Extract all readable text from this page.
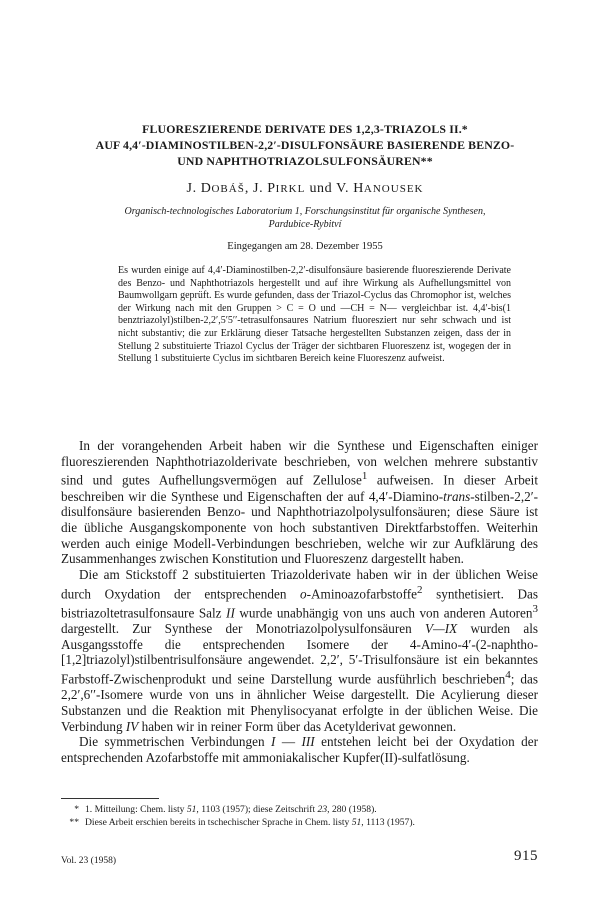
FLUORESZIERENDE DERIVATE DES 1,2,3-TRIAZOLS II.*
AUF 4,4′-DIAMINOSTILBEN-2,2′-DISULFONSÄURE BASIERENDE BENZO-
UND NAPHTHOTRIAZOLSULFONSÄUREN**
J. DOBÁŠ, J. PIRKL und V. HANOUSEK
Organisch-technologisches Laboratorium 1, Forschungsinstitut für organische Synthesen,
Pardubice-Rybitví
Eingegangen am 28. Dezember 1955

Es wurden einige auf 4,4′-Diaminostilben-2,2′-disulfonsäure basierende fluoreszierende Derivate des Benzo- und Naphthotriazols hergestellt und auf ihre Wirkung als Aufhellungsmittel von Baumwollgarn geprüft. Es wurde gefunden, dass der Triazol-Cyclus das Chromophor ist, welches der Wirkung nach mit den Gruppen > C = O und —CH = N— vergleichbar ist. 4,4′-bis(1 benztriazolyl)stilben-2,2′,5′5′′-tetrasulfonsaures Natrium fluoresziert nur sehr schwach und ist nicht substantiv; die zur Erklärung dieser Tatsache hergestellten Substanzen zeigen, dass der in Stellung 2 substituierte Triazol Cyclus der Träger der sichtbaren Fluoreszenz ist, wogegen der in Stellung 1 substituierte Cyclus im sichtbaren Bereich keine Fluoreszenz aufweist.

In der vorangehenden Arbeit haben wir die Synthese und Eigenschaften einiger fluoreszierenden Naphthotriazolderivate beschrieben, von welchen mehrere substantiv sind und gutes Aufhellungsvermögen auf Zellulose$^1$ aufweisen. In dieser Arbeit beschreiben wir die Synthese und Eigenschaften der auf 4,4′-Diamino-trans-stilben-2,2′-disulfonsäure basierenden Benzo- und Naphthotriazolpolysulfonsäuren; diese Säure ist die übliche Ausgangskomponente von hoch substantiven Direktfarbstoffen. Weiterhin werden auch einige Modell-Verbindungen beschrieben, welche wir zur Aufklärung des Zusammenhanges zwischen Konstitution und Fluoreszenz dargestellt haben.

Die am Stickstoff 2 substituierten Triazolderivate haben wir in der üblichen Weise durch Oxydation der entsprechenden o-Aminoazofarbstoffe$^2$ synthetisiert. Das bistriazoltetrasulfonsaure Salz II wurde unabhängig von uns auch von anderen Autoren$^3$ dargestellt. Zur Synthese der Monotriazolpolysulfonsäuren V—IX wurden als Ausgangsstoffe die entsprechenden Isomere der 4-Amino-4′-(2-naphtho-[1,2]triazolyl)stilbentrisulfonsäure angewendet. 2,2′, 5′-Trisulfonsäure ist ein bekanntes Farbstoff-Zwischenprodukt und seine Darstellung wurde ausführlich beschrieben$^4$; das 2,2′,6′′-Isomere wurde von uns in ähnlicher Weise dargestellt. Die Acylierung dieser Substanzen und die Reaktion mit Phenylisocyanat erfolgte in der üblichen Weise. Die Verbindung IV haben wir in reiner Form über das Acetylderivat gewonnen.

Die symmetrischen Verbindungen I — III entstehen leicht bei der Oxydation der entsprechenden Azofarbstoffe mit ammoniakalischer Kupfer(II)-sulfatlösung.

* 1. Mitteilung: Chem. listy 51, 1103 (1957); diese Zeitschrift 23, 280 (1958).

** Diese Arbeit erschien bereits in tschechischer Sprache in Chem. listy 51, 1113 (1957).

Vol. 23 (1958)	915
